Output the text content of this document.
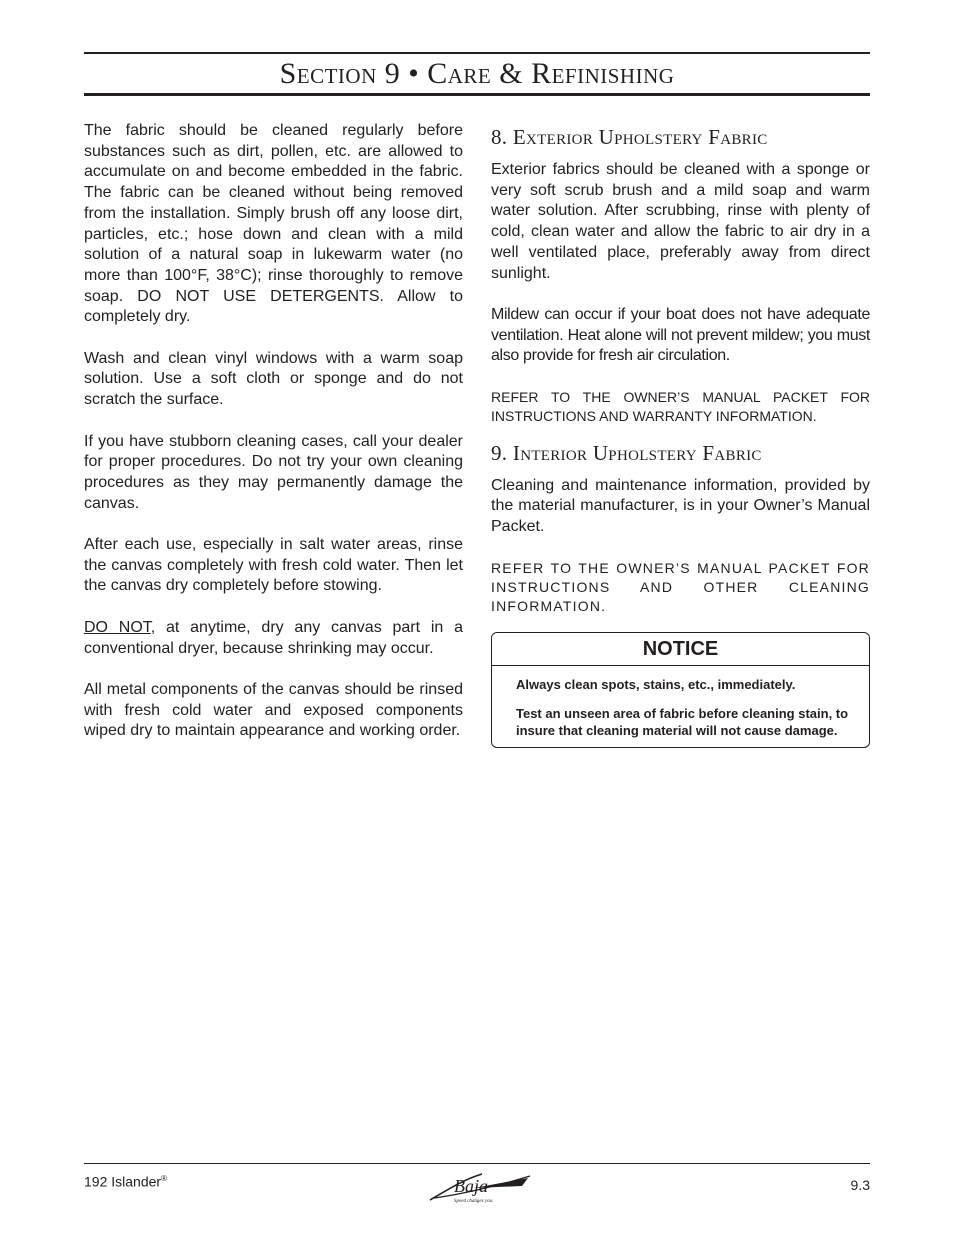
Section 9 • Care & Refinishing

The fabric should be cleaned regularly before substances such as dirt, pollen, etc. are allowed to accumulate on and become embedded in the fabric. The fabric can be cleaned without being removed from the installation. Simply brush off any loose dirt, particles, etc.; hose down and clean with a mild solution of a natural soap in lukewarm water (no more than 100°F, 38°C); rinse thoroughly to remove soap. DO NOT USE DETERGENTS. Allow to completely dry.

Wash and clean vinyl windows with a warm soap solution. Use a soft cloth or sponge and do not scratch the surface.

If you have stubborn cleaning cases, call your dealer for proper procedures. Do not try your own cleaning procedures as they may permanently damage the canvas.

After each use, especially in salt water areas, rinse the canvas completely with fresh cold water. Then let the canvas dry completely before stowing.

DO NOT, at anytime, dry any canvas part in a conventional dryer, because shrinking may occur.

All metal components of the canvas should be rinsed with fresh cold water and exposed components wiped dry to maintain appearance and working order.

8. Exterior Upholstery Fabric

Exterior fabrics should be cleaned with a sponge or very soft scrub brush and a mild soap and warm water solution. After scrubbing, rinse with plenty of cold, clean water and allow the fabric to air dry in a well ventilated place, preferably away from direct sunlight.

Mildew can occur if your boat does not have adequate ventilation. Heat alone will not prevent mildew; you must also provide for fresh air circulation.

REFER TO THE OWNER’S MANUAL PACKET FOR INSTRUCTIONS AND WARRANTY INFORMATION.

9. Interior Upholstery Fabric

Cleaning and maintenance information, provided by the material manufacturer, is in your Owner’s Manual Packet.

REFER TO THE OWNER’S MANUAL PACKET FOR INSTRUCTIONS AND OTHER CLEANING INFORMATION.

NOTICE

Always clean spots, stains, etc., immediately.

Test an unseen area of fabric before cleaning stain, to insure that cleaning material will not cause damage.

192 Islander®	Baja
Speed changes you.
9.3
